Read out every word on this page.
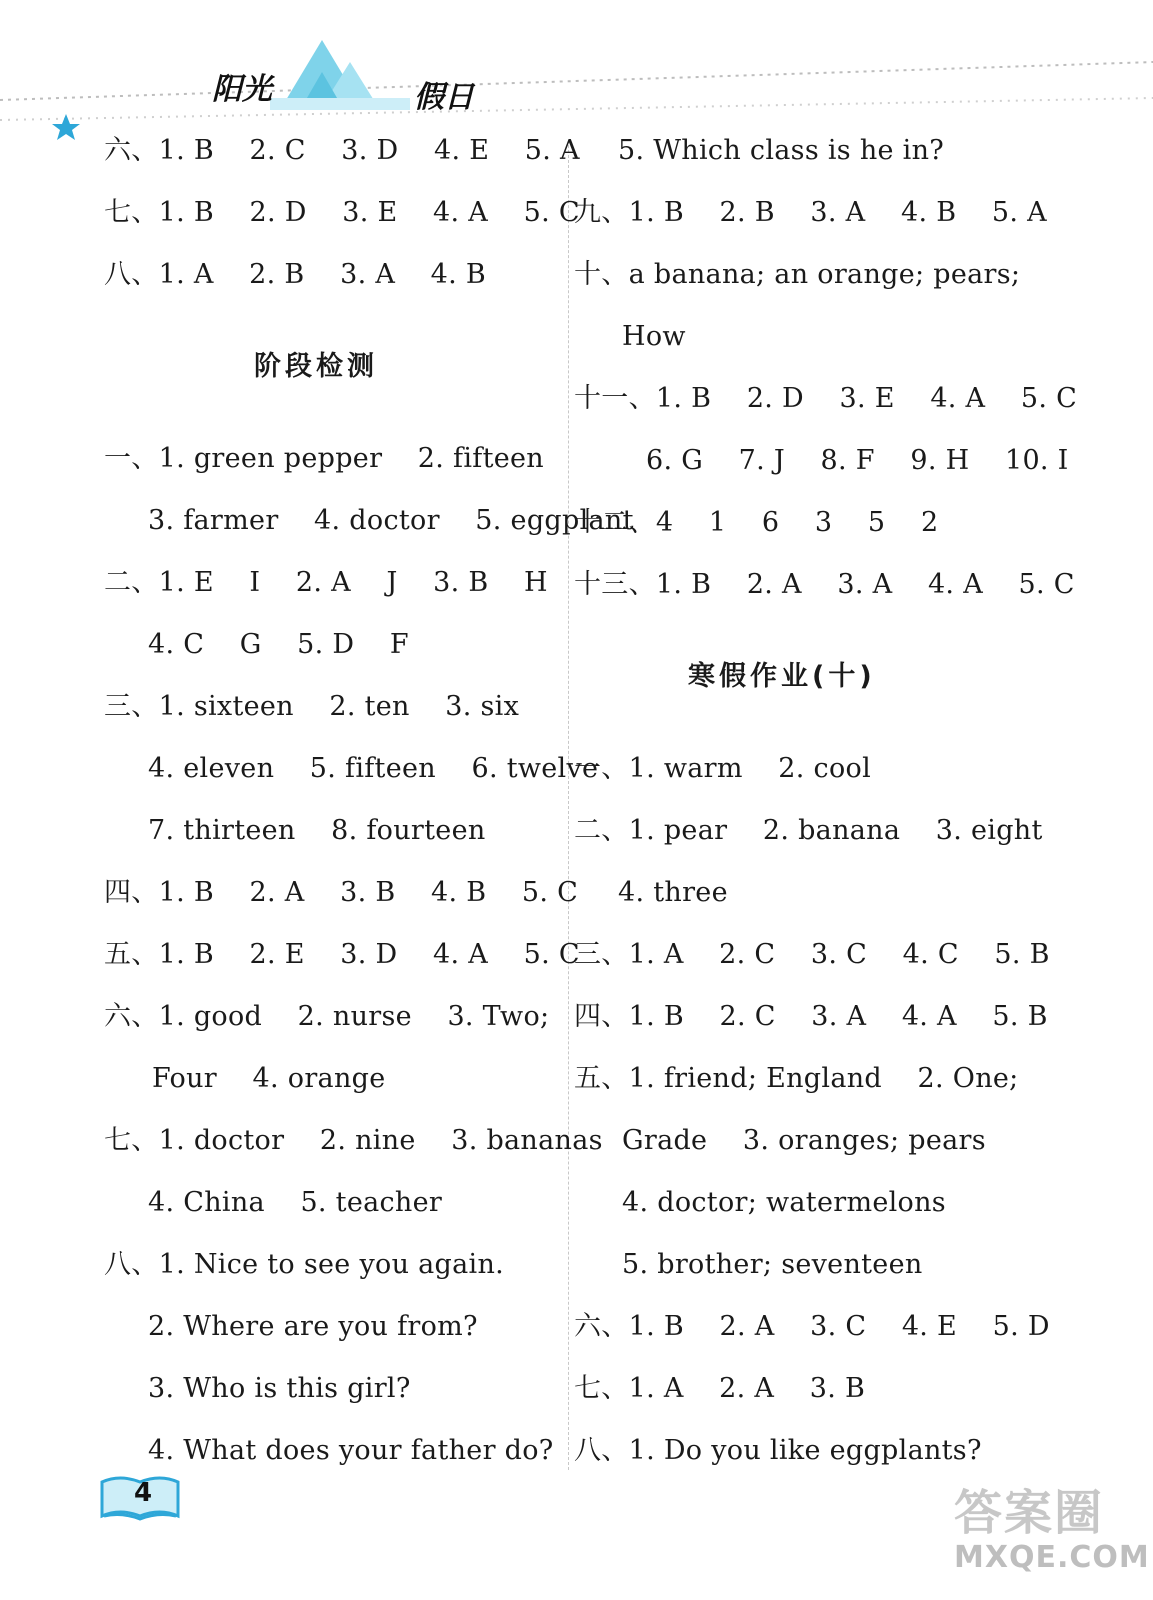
阳光	假日
六、1. B    2. C    3. D    4. E    5. A
七、1. B    2. D    3. E    4. A    5. C
八、1. A    2. B    3. A    4. B
阶段检测
一、1. green pepper    2. fifteen
3. farmer    4. doctor    5. eggplant
二、1. E    I    2. A    J    3. B    H
4. C    G    5. D    F
三、1. sixteen    2. ten    3. six
4. eleven    5. fifteen    6. twelve
7. thirteen    8. fourteen
四、1. B    2. A    3. B    4. B    5. C
五、1. B    2. E    3. D    4. A    5. C
六、1. good    2. nurse    3. Two;
Four    4. orange
七、1. doctor    2. nine    3. bananas
4. China    5. teacher
八、1. Nice to see you again.
2. Where are you from?
3. Who is this girl?
4. What does your father do?
5. Which class is he in?
九、1. B    2. B    3. A    4. B    5. A
十、a banana; an orange; pears;
How
十一、1. B    2. D    3. E    4. A    5. C
6. G    7. J    8. F    9. H    10. I
十二、4    1    6    3    5    2
十三、1. B    2. A    3. A    4. A    5. C
寒假作业(十)
一、1. warm    2. cool
二、1. pear    2. banana    3. eight
4. three
三、1. A    2. C    3. C    4. C    5. B
四、1. B    2. C    3. A    4. A    5. B
五、1. friend; England    2. One;
Grade    3. oranges; pears
4. doctor; watermelons
5. brother; seventeen
六、1. B    2. A    3. C    4. E    5. D
七、1. A    2. A    3. B
八、1. Do you like eggplants?
4	答案圈
MXQE.COM
